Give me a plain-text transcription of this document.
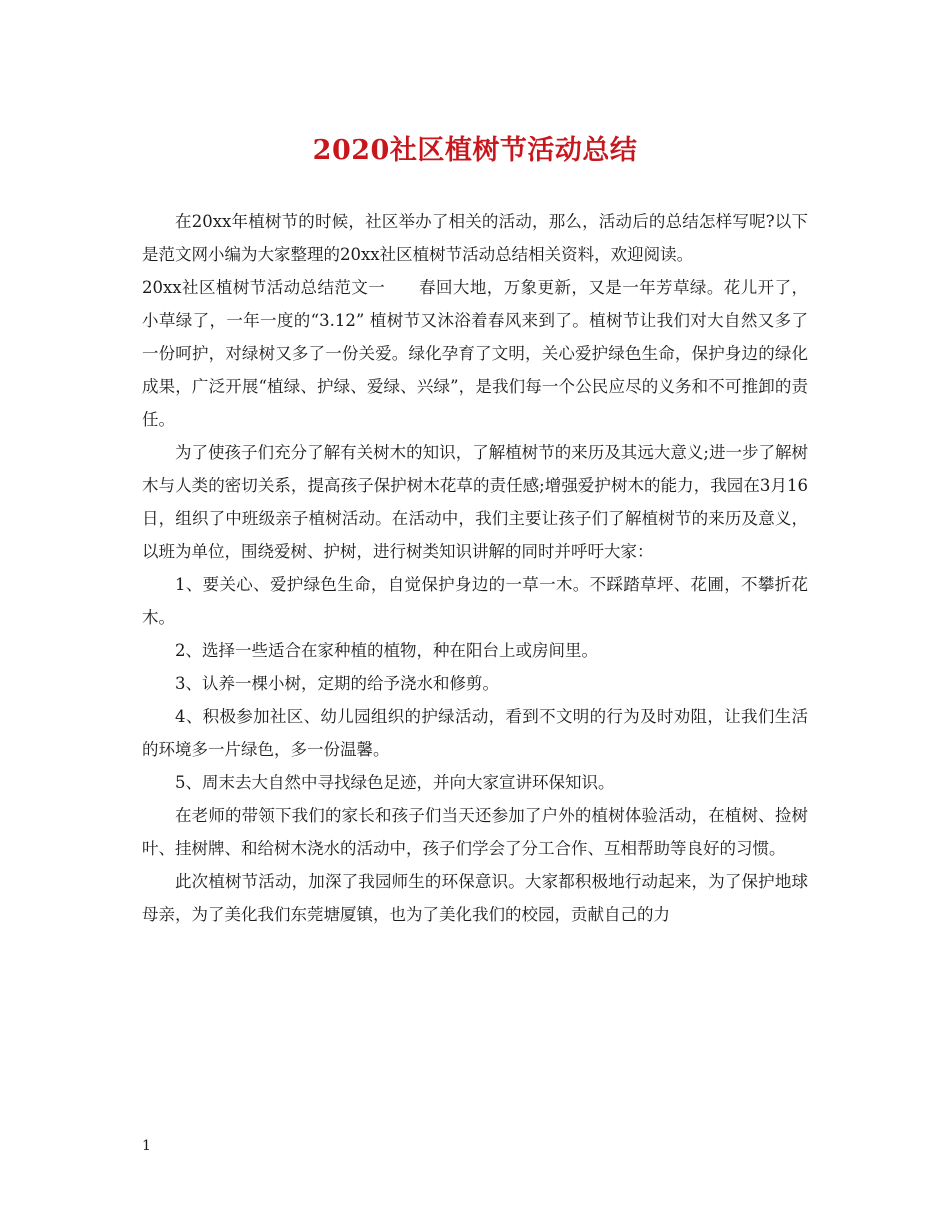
2020社区植树节活动总结

在20xx年植树节的时候，社区举办了相关的活动，那么，活动后的总结怎样写呢?以下是范文网小编为大家整理的20xx社区植树节活动总结相关资料，欢迎阅读。

20xx社区植树节活动总结范文一　　春回大地，万象更新，又是一年芳草绿。花儿开了，小草绿了，一年一度的“3.12” 植树节又沐浴着春风来到了。植树节让我们对大自然又多了一份呵护，对绿树又多了一份关爱。绿化孕育了文明，关心爱护绿色生命，保护身边的绿化成果，广泛开展“植绿、护绿、爱绿、兴绿”，是我们每一个公民应尽的义务和不可推卸的责任。

为了使孩子们充分了解有关树木的知识，了解植树节的来历及其远大意义;进一步了解树木与人类的密切关系，提高孩子保护树木花草的责任感;增强爱护树木的能力，我园在3月16日，组织了中班级亲子植树活动。在活动中，我们主要让孩子们了解植树节的来历及意义，以班为单位，围绕爱树、护树，进行树类知识讲解的同时并呼吁大家：

1、要关心、爱护绿色生命，自觉保护身边的一草一木。不踩踏草坪、花圃，不攀折花木。

2、选择一些适合在家种植的植物，种在阳台上或房间里。

3、认养一棵小树，定期的给予浇水和修剪。

4、积极参加社区、幼儿园组织的护绿活动，看到不文明的行为及时劝阻，让我们生活的环境多一片绿色，多一份温馨。

5、周末去大自然中寻找绿色足迹，并向大家宣讲环保知识。

在老师的带领下我们的家长和孩子们当天还参加了户外的植树体验活动，在植树、捡树叶、挂树牌、和给树木浇水的活动中，孩子们学会了分工合作、互相帮助等良好的习惯。

此次植树节活动，加深了我园师生的环保意识。大家都积极地行动起来，为了保护地球母亲，为了美化我们东莞塘厦镇，也为了美化我们的校园，贡献自己的力

1
